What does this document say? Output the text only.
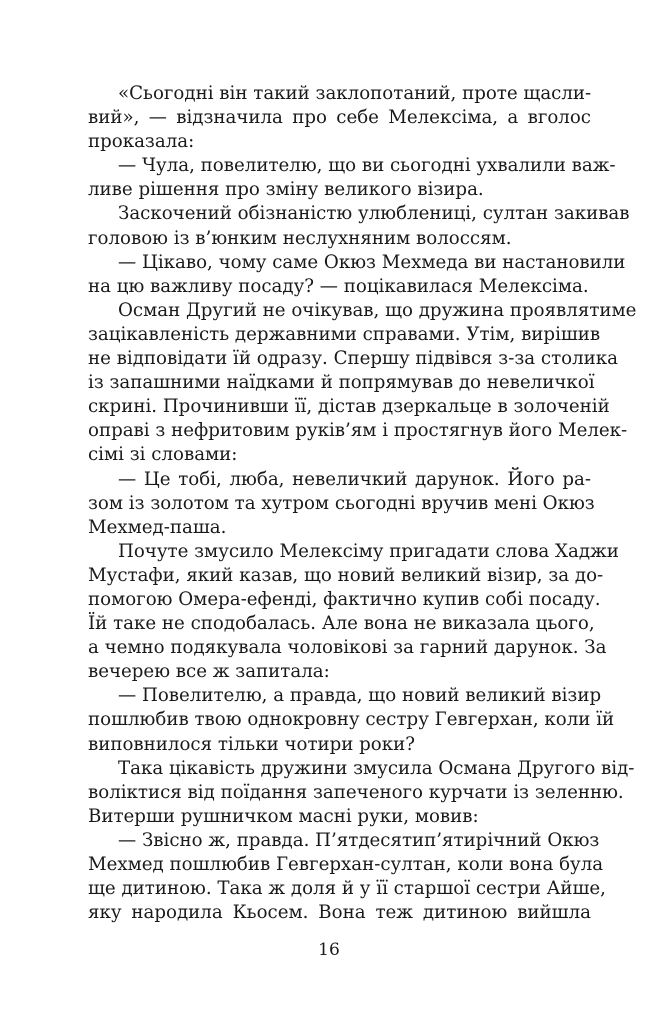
«Сьогодні він такий заклопотаний, проте щасли-
вий», — відзначила про себе Мелексіма, а вголос
проказала:
— Чула, повелителю, що ви сьогодні ухвалили важ-
ливе рішення про зміну великого візира.
Заскочений обізнаністю улюблениці, султан закивав
головою із в’юнким неслухняним волоссям.
— Цікаво, чому саме Окюз Мехмеда ви настановили
на цю важливу посаду? — поцікавилася Мелексіма.
Осман Другий не очікував, що дружина проявлятиме
зацікавленість державними справами. Утім, вирішив
не відповідати їй одразу. Спершу підвівся з-за столика
із запашними наїдками й попрямував до невеличкої
скрині. Прочинивши її, дістав дзеркальце в золоченій
оправі з нефритовим руків’ям і простягнув його Мелек-
сімі зі словами:
— Це тобі, люба, невеличкий дарунок. Його ра-
зом із золотом та хутром сьогодні вручив мені Окюз
Мехмед-паша.
Почуте змусило Мелексіму пригадати слова Хаджи
Мустафи, який казав, що новий великий візир, за до-
помогою Омера-ефенді, фактично купив собі посаду.
Їй таке не сподобалась. Але вона не виказала цього,
а чемно подякувала чоловікові за гарний дарунок. За
вечерею все ж запитала:
— Повелителю, а правда, що новий великий візир
пошлюбив твою однокровну сестру Гевгерхан, коли їй
виповнилося тільки чотири роки?
Така цікавість дружини змусила Османа Другого від-
воліктися від поїдання запеченого курчати із зеленню.
Витерши рушничком масні руки, мовив:
— Звісно ж, правда. П’ятдесятип’ятирічний Окюз
Мехмед пошлюбив Гевгерхан-султан, коли вона була
ще дитиною. Така ж доля й у її старшої сестри Айше,
яку народила Кьосем. Вона теж дитиною вийшла
16
